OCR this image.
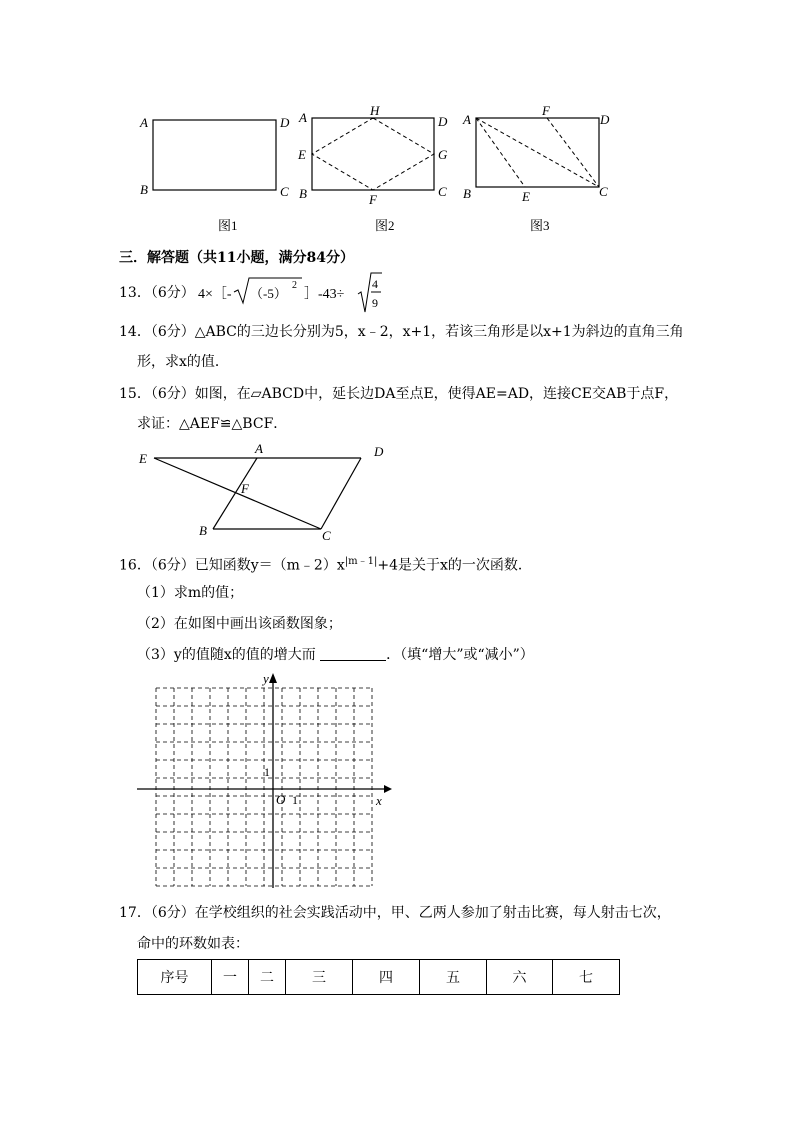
A	D
B	C
图1
A	H
D
E	G
B	F
C
图2
A
F
D
B	E	C
图3
三．解答题（共11小题，满分84分）
13．（6分） 4×［- （-5）
2
］-43÷
4
9
14．（6分）△ABC的三边长分别为5，x﹣2，x+1，若该三角形是以x+1为斜边的直角三角
形，求x的值．
15．（6分）如图，在▱ABCD中，延长边DA至点E，使得AE=AD，连接CE交AB于点F，
求证：△AEF≌△BCF．
E
A	D
F
B	C
16．（6分）已知函数$y=(m﹣2)x^{|m﹣1|}+4$是关于x的一次函数．
（1）求m的值；
（2）在如图中画出该函数图象；
（3）y的值随x的值的增大而	．（填“增大”或“减小”）
x
y
O 1
1
17．（6分）在学校组织的社会实践活动中，甲、乙两人参加了射击比赛，每人射击七次，
命中的环数如表：
序号	一	二	三	四	五	六	七
